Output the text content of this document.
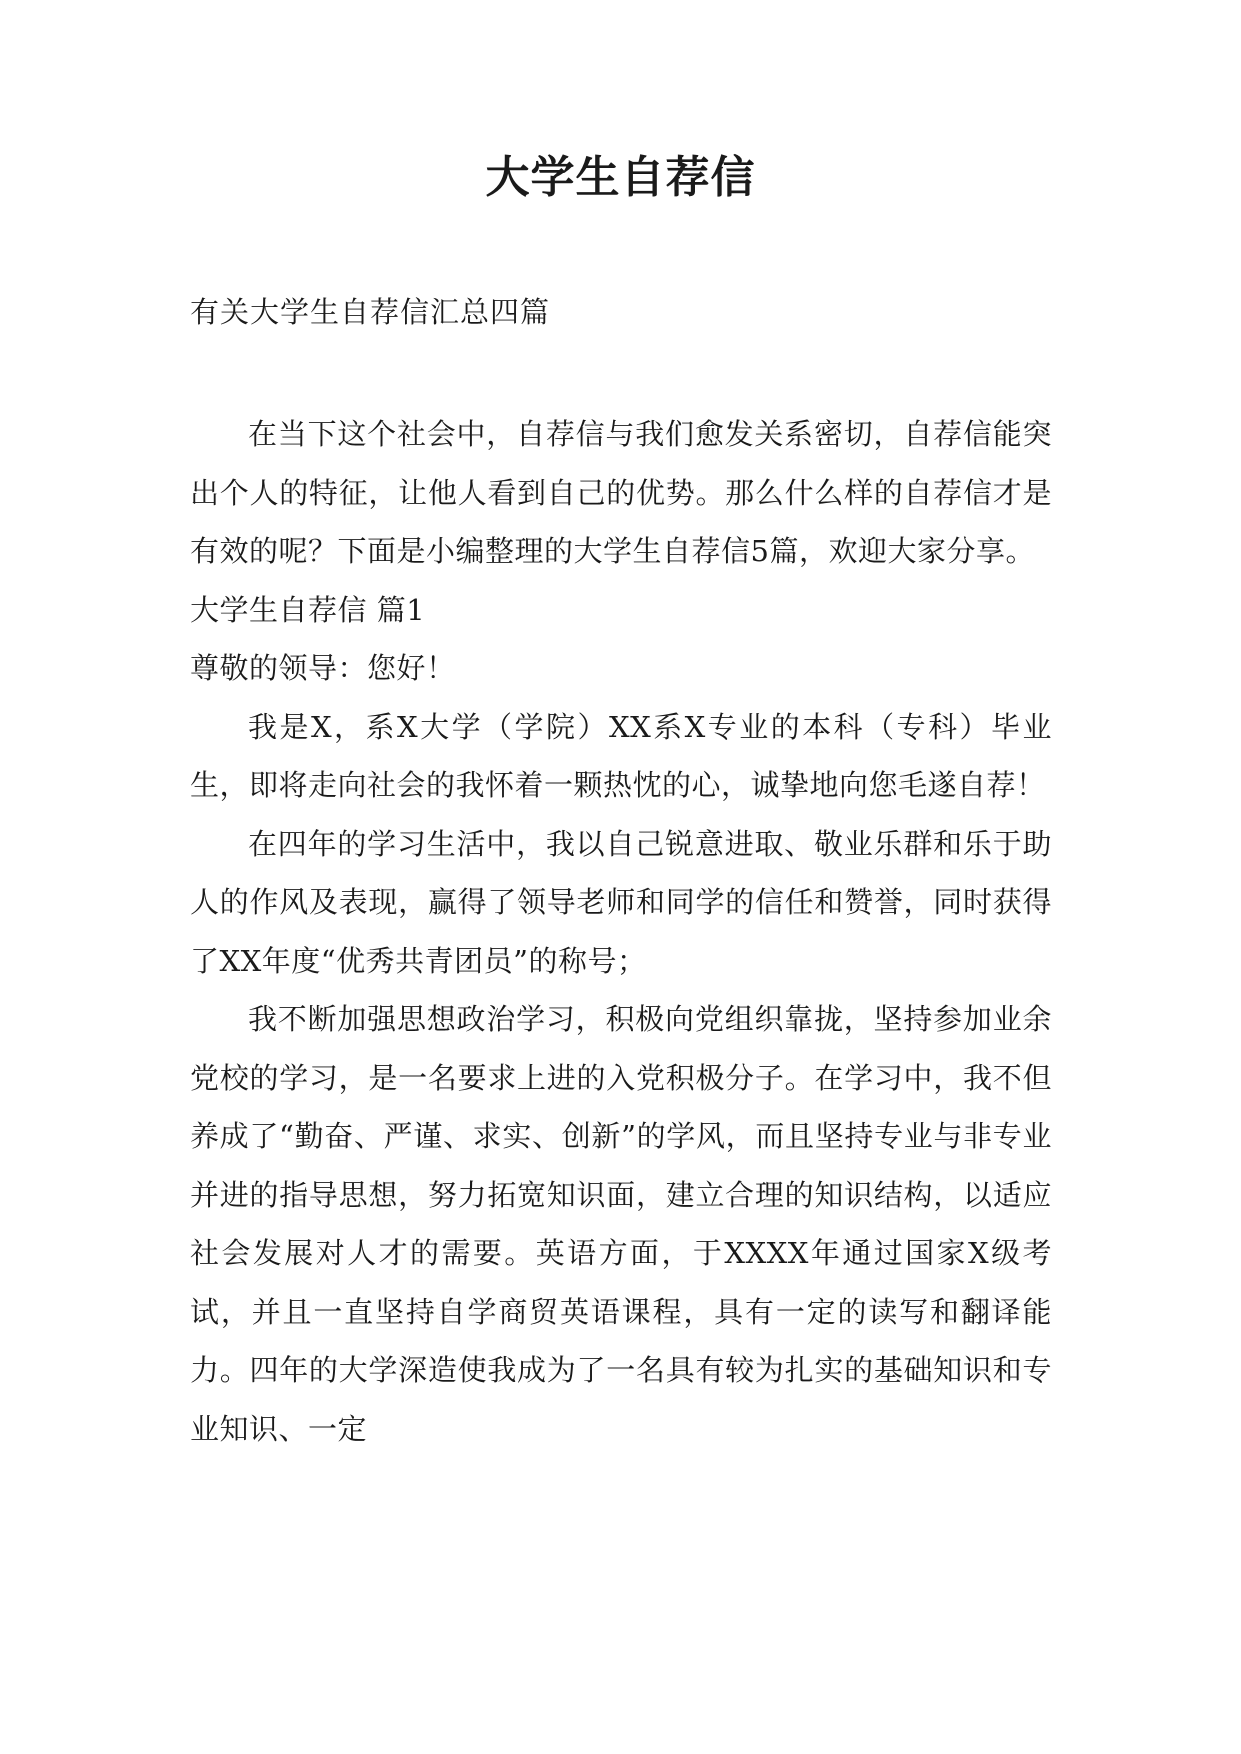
大学生自荐信

有关大学生自荐信汇总四篇

在当下这个社会中，自荐信与我们愈发关系密切，自荐信能突出个人的特征，让他人看到自己的优势。那么什么样的自荐信才是有效的呢？下面是小编整理的大学生自荐信5篇，欢迎大家分享。

大学生自荐信 篇1

尊敬的领导：您好！

我是X，系X大学（学院）XX系X专业的本科（专科）毕业生，即将走向社会的我怀着一颗热忱的心，诚挚地向您毛遂自荐！

在四年的学习生活中，我以自己锐意进取、敬业乐群和乐于助人的作风及表现，赢得了领导老师和同学的信任和赞誉，同时获得了XX年度“优秀共青团员”的称号；

我不断加强思想政治学习，积极向党组织靠拢，坚持参加业余党校的学习，是一名要求上进的入党积极分子。在学习中，我不但养成了“勤奋、严谨、求实、创新”的学风，而且坚持专业与非专业并进的指导思想，努力拓宽知识面，建立合理的知识结构，以适应社会发展对人才的需要。英语方面，于XXXX年通过国家X级考试，并且一直坚持自学商贸英语课程，具有一定的读写和翻译能力。四年的大学深造使我成为了一名具有较为扎实的基础知识和专业知识、一定
